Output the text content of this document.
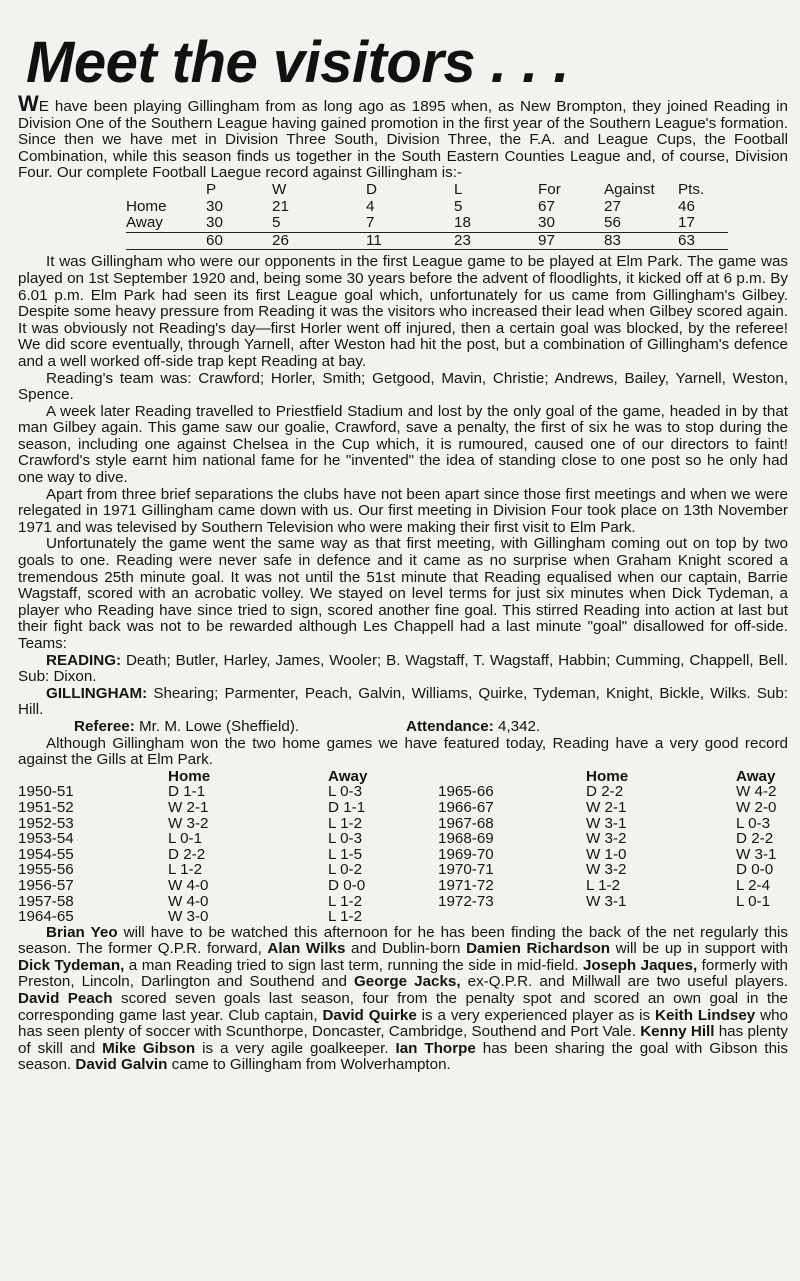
Meet the visitors . . .

WE have been playing Gillingham from as long ago as 1895 when, as New Brompton, they joined Reading in Division One of the Southern League having gained promotion in the first year of the Southern League's formation. Since then we have met in Division Three South, Division Three, the F.A. and League Cups, the Football Combination, while this season finds us together in the South Eastern Counties League and, of course, Division Four. Our complete Football Laegue record against Gillingham is:-

	P	W	D	L	For	Against	Pts.
Home	30	21	4	5	67	27	46
Away	30	5	7	18	30	56	17
	60	26	11	23	97	83	63

It was Gillingham who were our opponents in the first League game to be played at Elm Park. The game was played on 1st September 1920 and, being some 30 years before the advent of floodlights, it kicked off at 6 p.m. By 6.01 p.m. Elm Park had seen its first League goal which, unfortunately for us came from Gillingham's Gilbey. Despite some heavy pressure from Reading it was the visitors who increased their lead when Gilbey scored again. It was obviously not Reading's day—first Horler went off injured, then a certain goal was blocked, by the referee! We did score eventually, through Yarnell, after Weston had hit the post, but a combination of Gillingham's defence and a well worked off-side trap kept Reading at bay.

Reading's team was: Crawford; Horler, Smith; Getgood, Mavin, Christie; Andrews, Bailey, Yarnell, Weston, Spence.

A week later Reading travelled to Priestfield Stadium and lost by the only goal of the game, headed in by that man Gilbey again. This game saw our goalie, Crawford, save a penalty, the first of six he was to stop during the season, including one against Chelsea in the Cup which, it is rumoured, caused one of our directors to faint! Crawford's style earnt him national fame for he "invented" the idea of standing close to one post so he only had one way to dive.

Apart from three brief separations the clubs have not been apart since those first meetings and when we were relegated in 1971 Gillingham came down with us. Our first meeting in Division Four took place on 13th November 1971 and was televised by Southern Television who were making their first visit to Elm Park.

Unfortunately the game went the same way as that first meeting, with Gillingham coming out on top by two goals to one. Reading were never safe in defence and it came as no surprise when Graham Knight scored a tremendous 25th minute goal. It was not until the 51st minute that Reading equalised when our captain, Barrie Wagstaff, scored with an acrobatic volley. We stayed on level terms for just six minutes when Dick Tydeman, a player who Reading have since tried to sign, scored another fine goal. This stirred Reading into action at last but their fight back was not to be rewarded although Les Chappell had a last minute "goal" disallowed for off-side. Teams:

READING: Death; Butler, Harley, James, Wooler; B. Wagstaff, T. Wagstaff, Habbin; Cumming, Chappell, Bell. Sub: Dixon.

GILLINGHAM: Shearing; Parmenter, Peach, Galvin, Williams, Quirke, Tydeman, Knight, Bickle, Wilks. Sub: Hill.

Referee: Mr. M. Lowe (Sheffield).	Attendance: 4,342.

Although Gillingham won the two home games we have featured today, Reading have a very good record against the Gills at Elm Park.

	Home	Away		Home	Away
1950-51	D 1-1	L 0-3	1965-66	D 2-2	W 4-2
1951-52	W 2-1	D 1-1	1966-67	W 2-1	W 2-0
1952-53	W 3-2	L 1-2	1967-68	W 3-1	L 0-3
1953-54	L 0-1	L 0-3	1968-69	W 3-2	D 2-2
1954-55	D 2-2	L 1-5	1969-70	W 1-0	W 3-1
1955-56	L 1-2	L 0-2	1970-71	W 3-2	D 0-0
1956-57	W 4-0	D 0-0	1971-72	L 1-2	L 2-4
1957-58	W 4-0	L 1-2	1972-73	W 3-1	L 0-1
1964-65	W 3-0	L 1-2			

Brian Yeo will have to be watched this afternoon for he has been finding the back of the net regularly this season. The former Q.P.R. forward, Alan Wilks and Dublin-born Damien Richardson will be up in support with Dick Tydeman, a man Reading tried to sign last term, running the side in mid-field. Joseph Jaques, formerly with Preston, Lincoln, Darlington and Southend and George Jacks, ex-Q.P.R. and Millwall are two useful players. David Peach scored seven goals last season, four from the penalty spot and scored an own goal in the corresponding game last year. Club captain, David Quirke is a very experienced player as is Keith Lindsey who has seen plenty of soccer with Scunthorpe, Doncaster, Cambridge, Southend and Port Vale. Kenny Hill has plenty of skill and Mike Gibson is a very agile goalkeeper. Ian Thorpe has been sharing the goal with Gibson this season. David Galvin came to Gillingham from Wolverhampton.
